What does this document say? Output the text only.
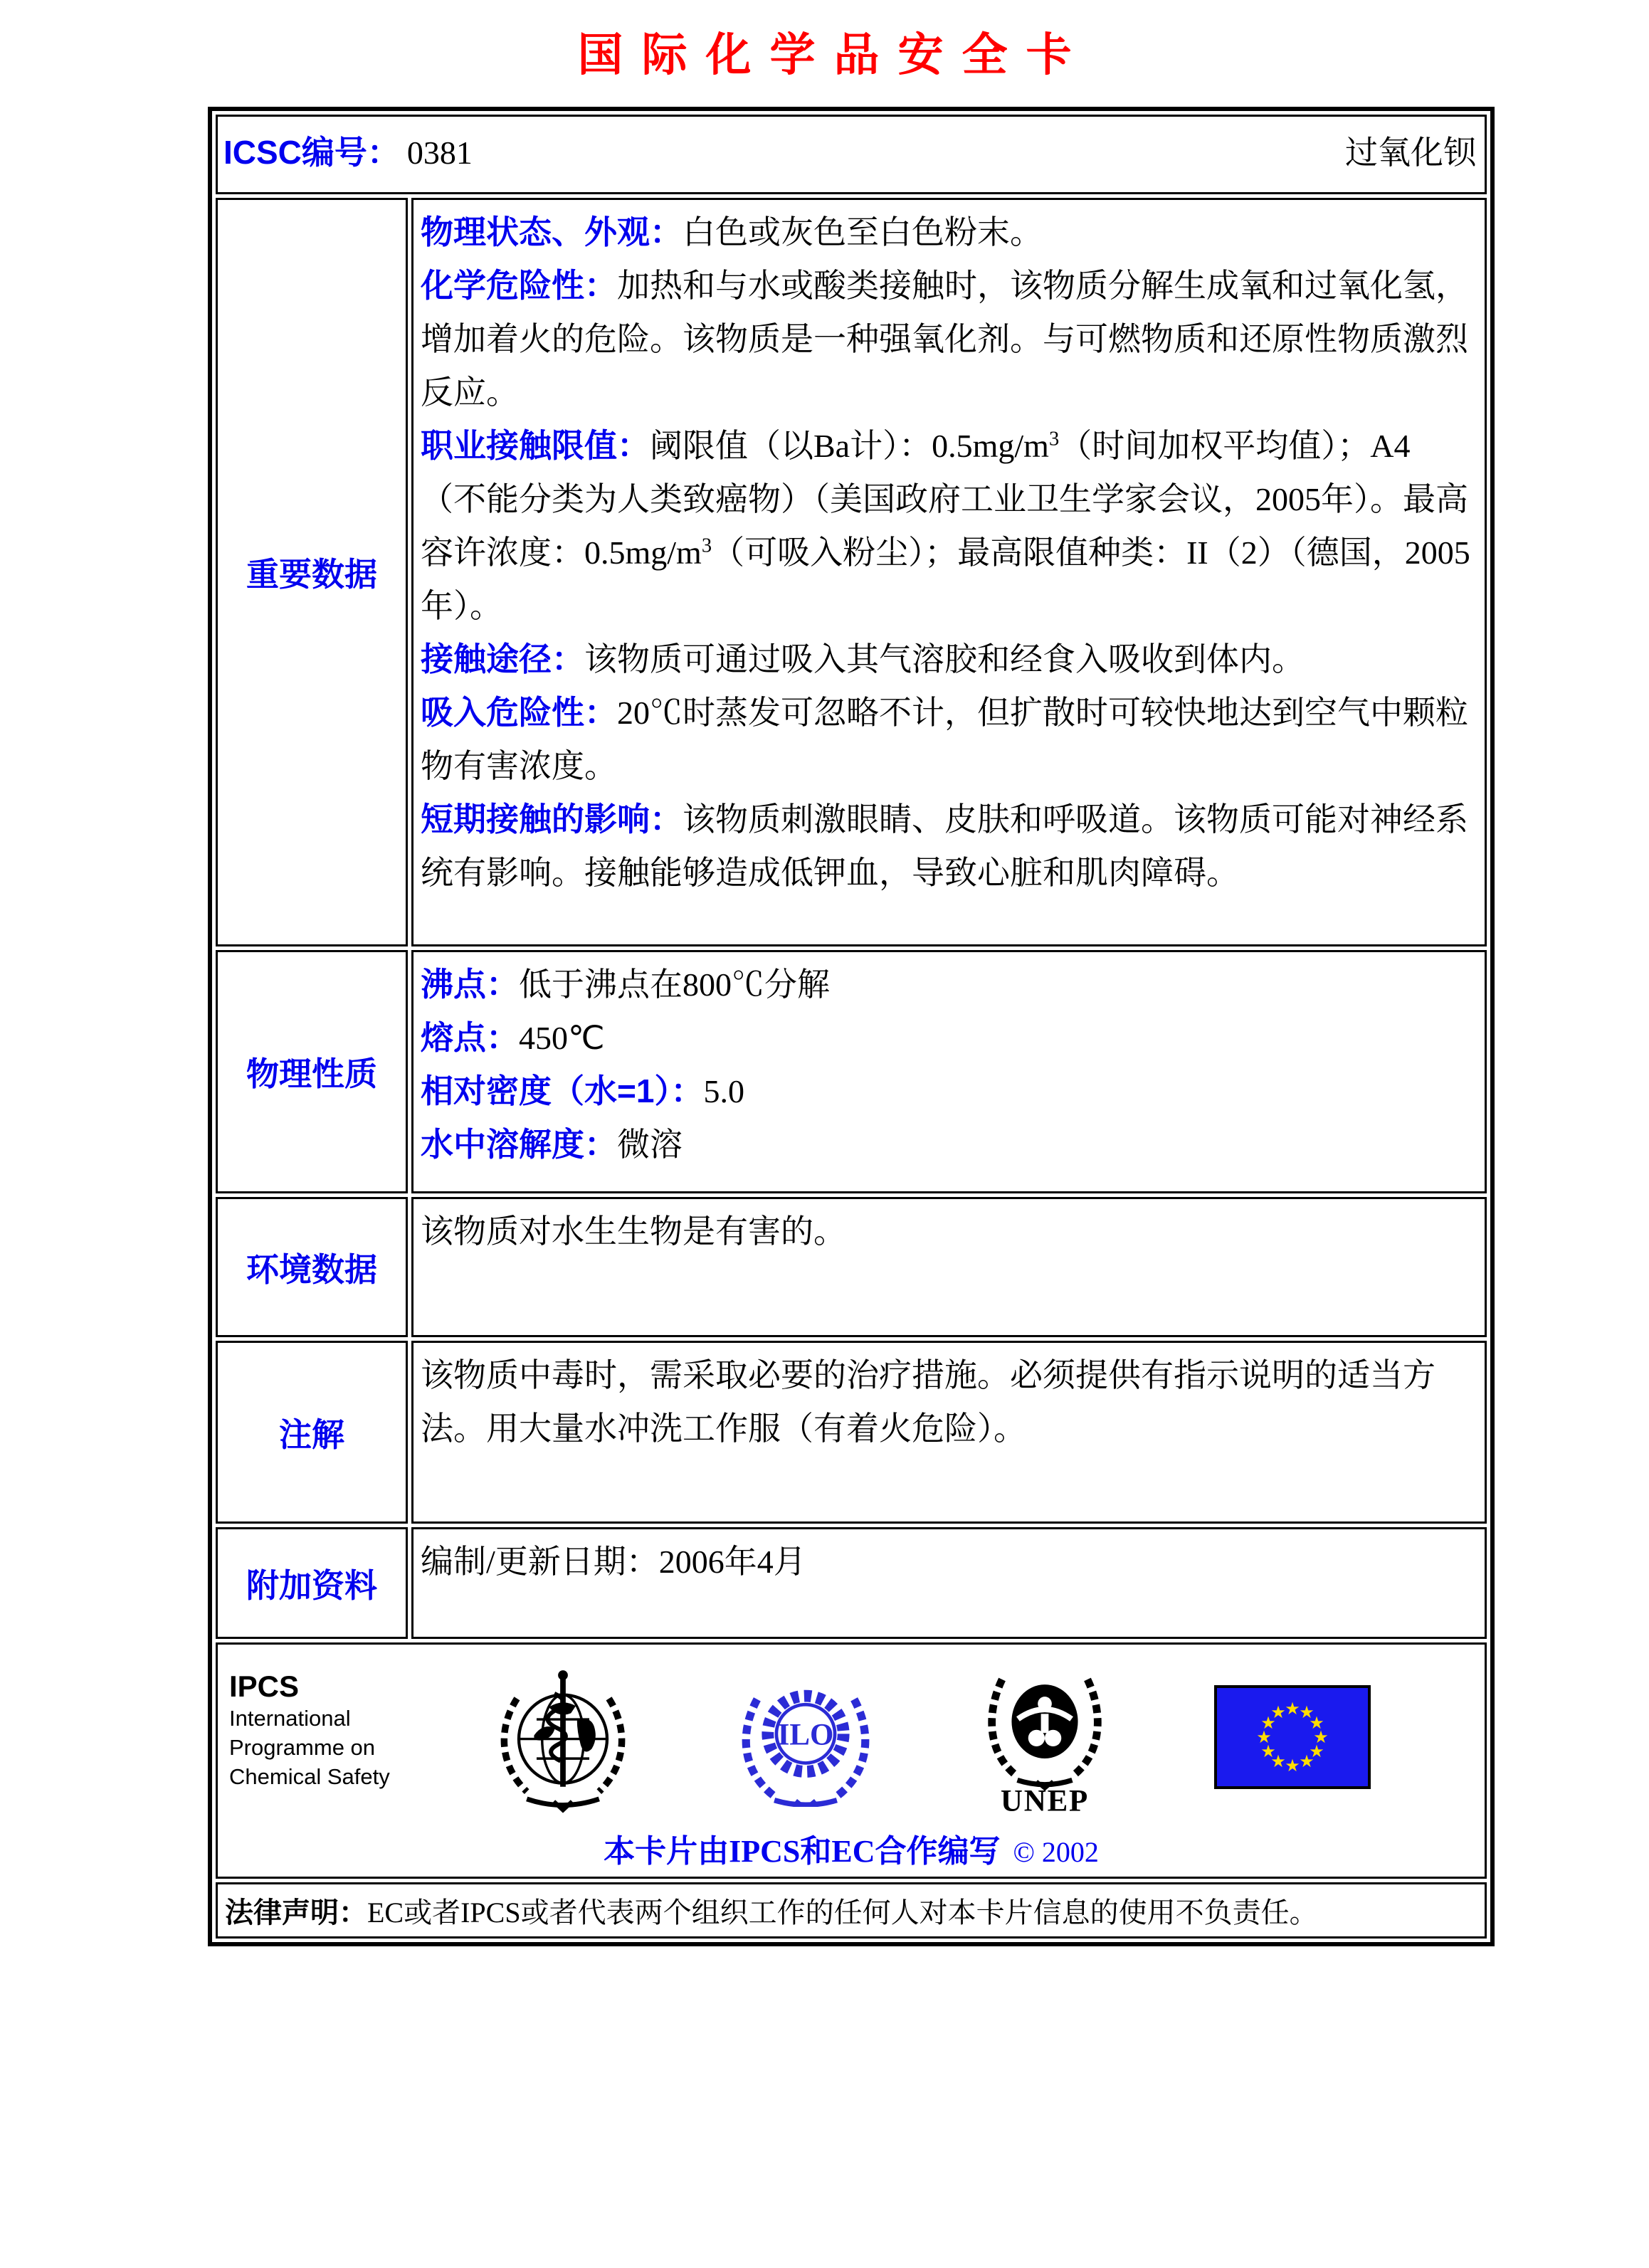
国际化学品安全卡
ICSC编号： 0381 过氧化钡	

重要数据	
物理状态、外观：白色或灰色至白色粉末。
化学危险性：加热和与水或酸类接触时，该物质分解生成氧和过氧化氢，增加着火的危险。该物质是一种强氧化剂。与可燃物质和还原性物质激烈反应。
职业接触限值：阈限值（以Ba计）：$0.5mg/m^3$（时间加权平均值）；A4（不能分类为人类致癌物）（美国政府工业卫生学家会议，2005年）。最高容许浓度：$0.5mg/m^3$（可吸入粉尘）；最高限值种类：II（2）（德国，2005年）。
接触途径：该物质可通过吸入其气溶胶和经食入吸收到体内。
吸入危险性：20℃时蒸发可忽略不计，但扩散时可较快地达到空气中颗粒物有害浓度。
短期接触的影响：该物质刺激眼睛、皮肤和呼吸道。该物质可能对神经系统有影响。接触能够造成低钾血，导致心脏和肌肉障碍。

物理性质	沸点：低于沸点在800℃分解
熔点：450℃
相对密度（水=1）：5.0
水中溶解度：微溶

环境数据	该物质对水生生物是有害的。

注解	该物质中毒时，需采取必要的治疗措施。必须提供有指示说明的适当方法。用大量水冲洗工作服（有着火危险）。

附加资料	编制/更新日期：2006年4月

IPCS
International
Programme on
Chemical Safety
ILO
UNEP
★
★
★
★
★
★
★
★
★
★
★
★
本卡片由IPCS和EC合作编写 © 2002

法律声明：EC或者IPCS或者代表两个组织工作的任何人对本卡片信息的使用不负责任。	
